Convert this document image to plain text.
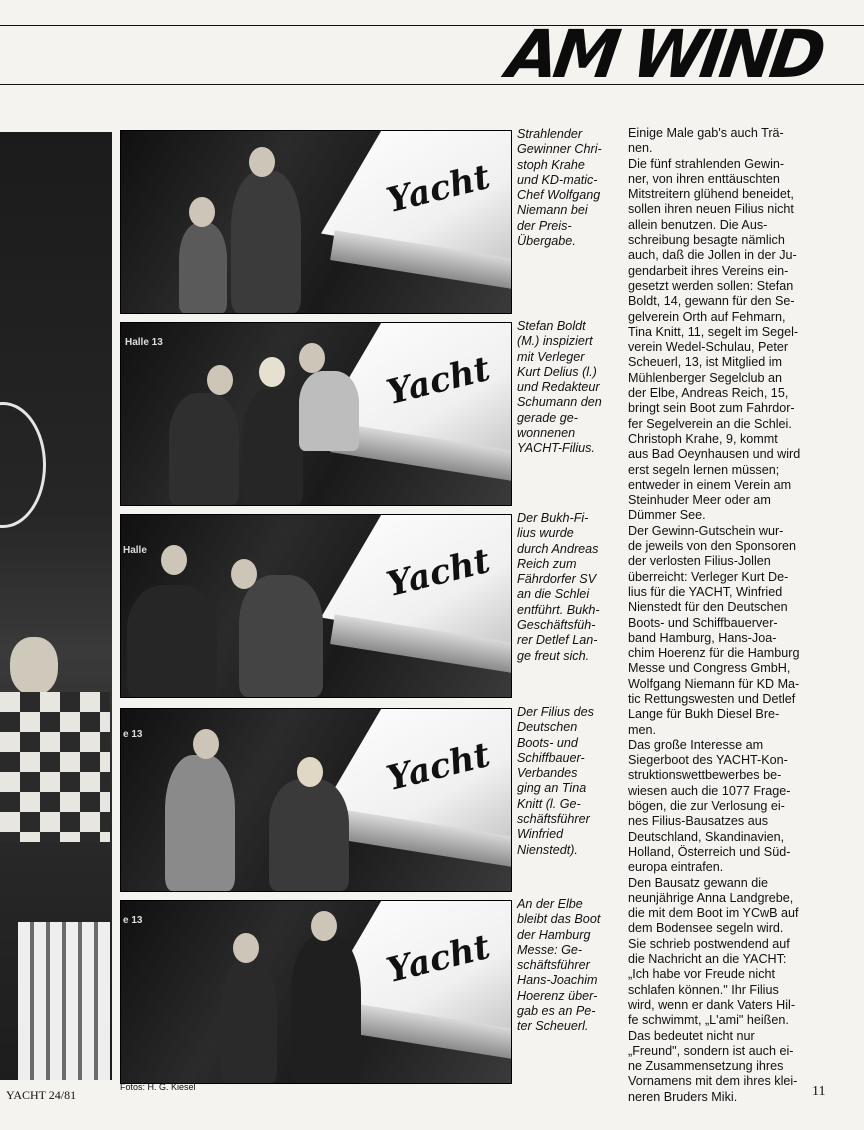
AM WIND
Yacht
Halle 13
Yacht
Halle	Yacht
e 13
Yacht
e 13
Yacht
Strahlender
Gewinner Chri-
stoph Krahe
und KD-matic-
Chef Wolfgang
Niemann bei
der Preis-
Übergabe.
Stefan Boldt
(M.) inspiziert
mit Verleger
Kurt Delius (l.)
und Redakteur
Schumann den
gerade ge-
wonnenen
YACHT-Filius.
Der Bukh-Fi-
lius wurde
durch Andreas
Reich zum
Fährdorfer SV
an die Schlei
entführt. Bukh-
Geschäftsfüh-
rer Detlef Lan-
ge freut sich.
Der Filius des
Deutschen
Boots- und
Schiffbauer-
Verbandes
ging an Tina
Knitt (l. Ge-
schäftsführer
Winfried
Nienstedt).
An der Elbe
bleibt das Boot
der Hamburg
Messe: Ge-
schäftsführer
Hans-Joachim
Hoerenz über-
gab es an Pe-
ter Scheuerl.
Einige Male gab's auch Trä-
nen.
Die fünf strahlenden Gewin-
ner, von ihren enttäuschten
Mitstreitern glühend beneidet,
sollen ihren neuen Filius nicht
allein benutzen. Die Aus-
schreibung besagte nämlich
auch, daß die Jollen in der Ju-
gendarbeit ihres Vereins ein-
gesetzt werden sollen: Stefan
Boldt, 14, gewann für den Se-
gelverein Orth auf Fehmarn,
Tina Knitt, 11, segelt im Segel-
verein Wedel-Schulau, Peter
Scheuerl, 13, ist Mitglied im
Mühlenberger Segelclub an
der Elbe, Andreas Reich, 15,
bringt sein Boot zum Fahrdor-
fer Segelverein an die Schlei.
Christoph Krahe, 9, kommt
aus Bad Oeynhausen und wird
erst segeln lernen müssen;
entweder in einem Verein am
Steinhuder Meer oder am
Dümmer See.
Der Gewinn-Gutschein wur-
de jeweils von den Sponsoren
der verlosten Filius-Jollen
überreicht: Verleger Kurt De-
lius für die YACHT, Winfried
Nienstedt für den Deutschen
Boots- und Schiffbauerver-
band Hamburg, Hans-Joa-
chim Hoerenz für die Hamburg
Messe und Congress GmbH,
Wolfgang Niemann für KD Ma-
tic Rettungswesten und Detlef
Lange für Bukh Diesel Bre-
men.
Das große Interesse am
Siegerboot des YACHT-Kon-
struktionswettbewerbes be-
wiesen auch die 1077 Frage-
bögen, die zur Verlosung ei-
nes Filius-Bausatzes aus
Deutschland, Skandinavien,
Holland, Österreich und Süd-
europa eintrafen.
Den Bausatz gewann die
neunjährige Anna Landgrebe,
die mit dem Boot im YCwB auf
dem Bodensee segeln wird.
Sie schrieb postwendend auf
die Nachricht an die YACHT:
„Ich habe vor Freude nicht
schlafen können." Ihr Filius
wird, wenn er dank Vaters Hil-
fe schwimmt, „L'ami" heißen.
Das bedeutet nicht nur
„Freund", sondern ist auch ei-
ne Zusammensetzung ihres
Vornamens mit dem ihres klei-
neren Bruders Miki.
YACHT 24/81
Fotos: H. G. Kiesel	11
